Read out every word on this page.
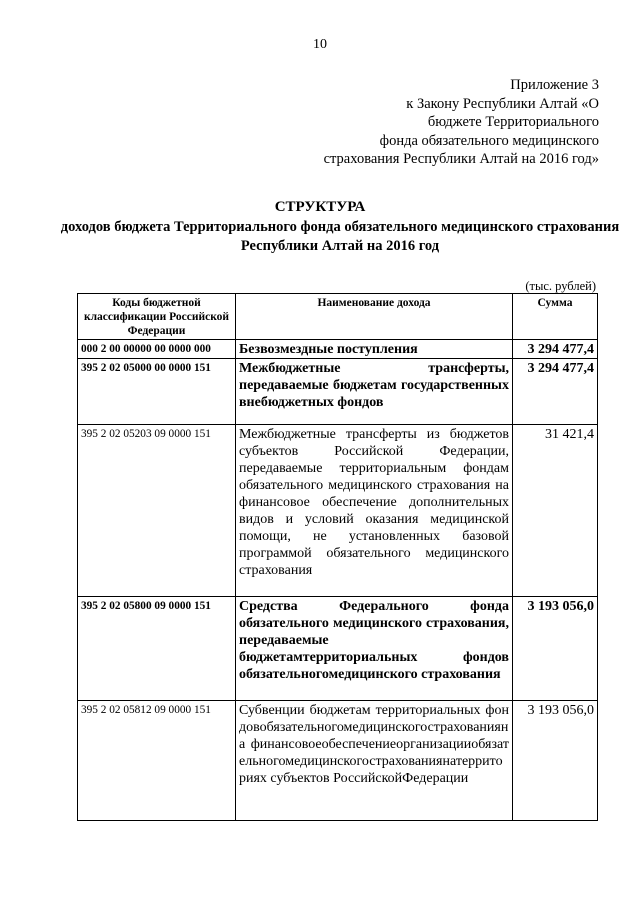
10
Приложение 3
к Закону Республики Алтай «О
бюджете Территориального
фонда обязательного медицинского
страхования Республики Алтай на 2016 год»
СТРУКТУРА
доходов бюджета Территориального фонда обязательного медицинского страхования Республики Алтай на 2016 год
(тыс. рублей)
Коды бюджетной классификации Российской Федерации	Наименование дохода	Сумма
000 2 00 00000 00 0000 000	Безвозмездные поступления	3 294 477,4
395 2 02 05000 00 0000 151	Межбюджетные трансферты, передаваемые бюджетам государственных внебюджетных фондов	3 294 477,4
395 2 02 05203 09 0000 151	Межбюджетные трансферты из бюджетов субъектов Российской Федерации, передаваемые территориальным фондам обязательного медицинского страхования на финансовое обеспечение дополнительных видов и условий оказания медицинской помощи, не установленных базовой программой обязательного медицинского страхования	31 421,4
395 2 02 05800 09 0000 151	Средства Федерального фонда обязательного медицинского страхования, передаваемые бюджетамтерриториальных фондов обязательногомедицинского страхования	3 193 056,0
395 2 02 05812 09 0000 151	Субвенции бюджетам территориальных фондовобязательногомедицинскогострахованияна финансовоеобеспечениеорганизацииобязательногомедицинскогострахованиянатерриториях субъектов РоссийскойФедерации	3 193 056,0
